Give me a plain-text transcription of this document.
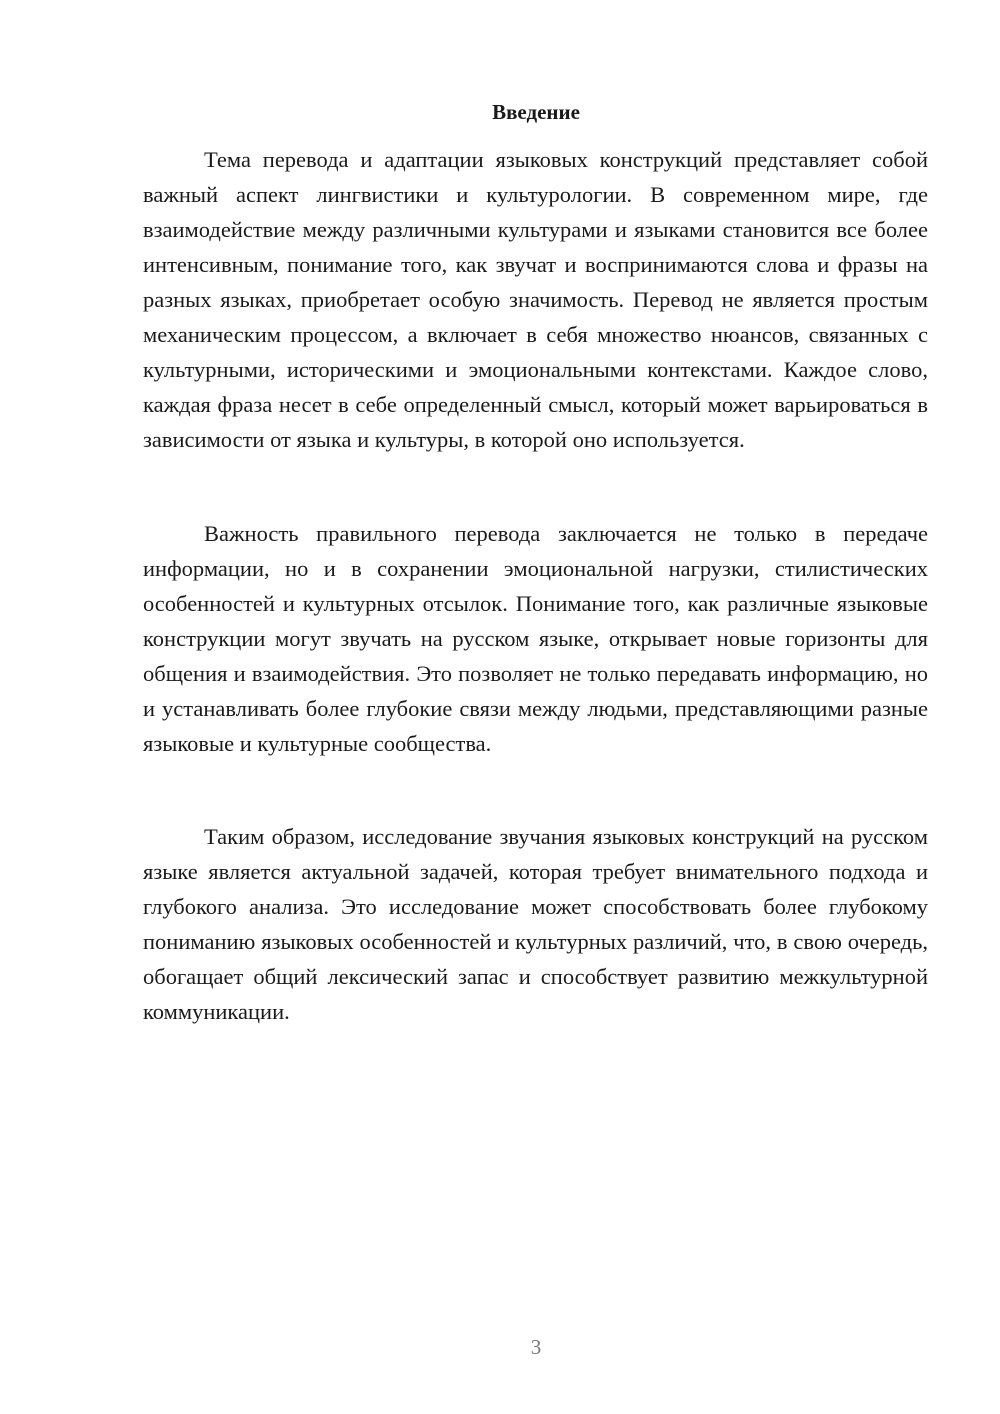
Введение

Тема перевода и адаптации языковых конструкций представляет собой важный аспект лингвистики и культурологии. В современном мире, где взаимодействие между различными культурами и языками становится все более интенсивным, понимание того, как звучат и воспринимаются слова и фразы на разных языках, приобретает особую значимость. Перевод не является простым механическим процессом, а включает в себя множество нюансов, связанных с культурными, историческими и эмоциональными контекстами. Каждое слово, каждая фраза несет в себе определенный смысл, который может варьироваться в зависимости от языка и культуры, в которой оно используется.

Важность правильного перевода заключается не только в передаче информации, но и в сохранении эмоциональной нагрузки, стилистических особенностей и культурных отсылок. Понимание того, как различные языковые конструкции могут звучать на русском языке, открывает новые горизонты для общения и взаимодействия. Это позволяет не только передавать информацию, но и устанавливать более глубокие связи между людьми, представляющими разные языковые и культурные сообщества.

Таким образом, исследование звучания языковых конструкций на русском языке является актуальной задачей, которая требует внимательного подхода и глубокого анализа. Это исследование может способствовать более глубокому пониманию языковых особенностей и культурных различий, что, в свою очередь, обогащает общий лексический запас и способствует развитию межкультурной коммуникации.

3
